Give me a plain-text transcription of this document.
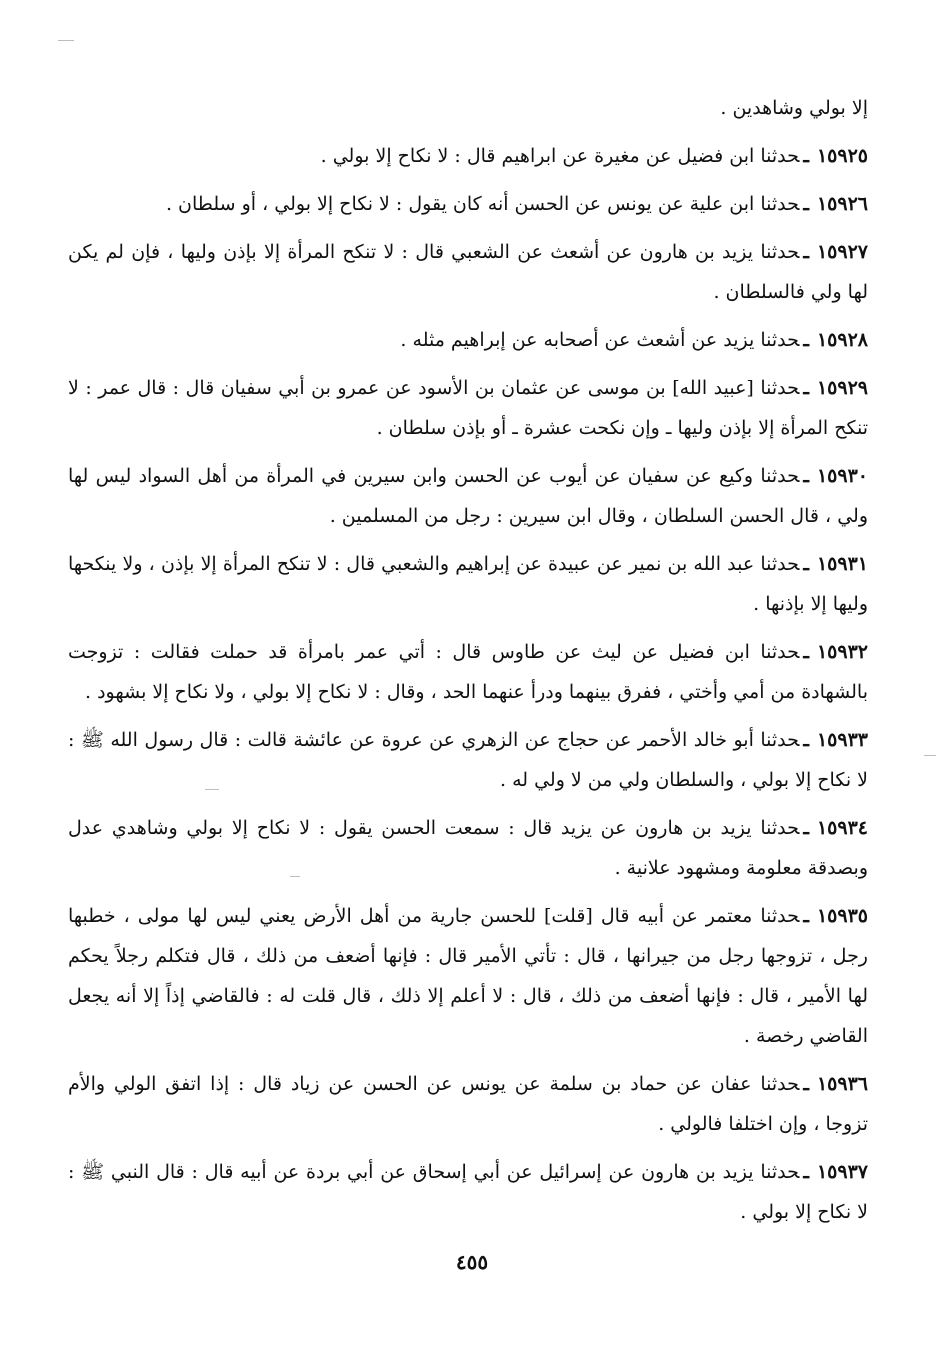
إلا بولي وشاهدين .

١٥٩٢٥ـحدثنا ابن فضيل عن مغيرة عن ابراهيم قال : لا نكاح إلا بولي .

١٥٩٢٦ـحدثنا ابن علية عن يونس عن الحسن أنه كان يقول : لا نكاح إلا بولي ، أو سلطان .

١٥٩٢٧ـحدثنا يزيد بن هارون عن أشعث عن الشعبي قال : لا تنكح المرأة إلا بإذن وليها ، فإن لم يكن لها ولي فالسلطان .

١٥٩٢٨ـحدثنا يزيد عن أشعث عن أصحابه عن إبراهيم مثله .

١٥٩٢٩ـحدثنا [عبيد الله] بن موسى عن عثمان بن الأسود عن عمرو بن أبي سفيان قال : قال عمر : لا تنكح المرأة إلا بإذن وليها ـ وإن نكحت عشرة ـ أو بإذن سلطان .

١٥٩٣٠ـحدثنا وكيع عن سفيان عن أيوب عن الحسن وابن سيرين في المرأة من أهل السواد ليس لها ولي ، قال الحسن السلطان ، وقال ابن سيرين : رجل من المسلمين .

١٥٩٣١ـحدثنا عبد الله بن نمير عن عبيدة عن إبراهيم والشعبي قال : لا تنكح المرأة إلا بإذن ، ولا ينكحها وليها إلا بإذنها .

١٥٩٣٢ـحدثنا ابن فضيل عن ليث عن طاوس قال : أتي عمر بامرأة قد حملت فقالت : تزوجت بالشهادة من أمي وأختي ، ففرق بينهما ودرأ عنهما الحد ، وقال : لا نكاح إلا بولي ، ولا نكاح إلا بشهود .

١٥٩٣٣ـحدثنا أبو خالد الأحمر عن حجاج عن الزهري عن عروة عن عائشة قالت : قال رسول الله ﷺ : لا نكاح إلا بولي ، والسلطان ولي من لا ولي له .

١٥٩٣٤ـحدثنا يزيد بن هارون عن يزيد قال : سمعت الحسن يقول : لا نكاح إلا بولي وشاهدي عدل وبصدقة معلومة ومشهود علانية .

١٥٩٣٥ـحدثنا معتمر عن أبيه قال [قلت] للحسن جارية من أهل الأرض يعني ليس لها مولى ، خطبها رجل ، تزوجها رجل من جيرانها ، قال : تأتي الأمير قال : فإنها أضعف من ذلك ، قال فتكلم رجلاً يحكم لها الأمير ، قال : فإنها أضعف من ذلك ، قال : لا أعلم إلا ذلك ، قال قلت له : فالقاضي إذاً إلا أنه يجعل القاضي رخصة .

١٥٩٣٦ـحدثنا عفان عن حماد بن سلمة عن يونس عن الحسن عن زياد قال : إذا اتفق الولي والأم تزوجا ، وإن اختلفا فالولي .

١٥٩٣٧ـحدثنا يزيد بن هارون عن إسرائيل عن أبي إسحاق عن أبي بردة عن أبيه قال : قال النبي ﷺ : لا نكاح إلا بولي .

٤٥٥
